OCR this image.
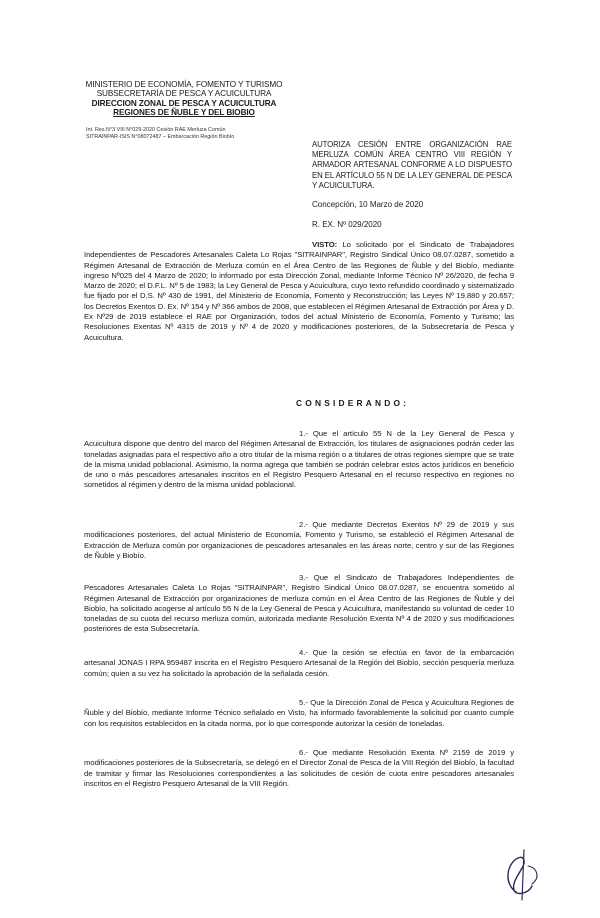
MINISTERIO DE ECONOMÍA, FOMENTO Y TURISMO
SUBSECRETARÍA DE PESCA Y ACUICULTURA
DIRECCION ZONAL DE PESCA Y ACUICULTURA
REGIONES DE ÑUBLE Y DEL BIOBIO
Int. Res.N°3 VIII N°029-2020 Cesión RAE Merluza Común
SITRAINPAR-ISIS N°08072487 – Embarcación Región Biobío
AUTORIZA CESIÓN ENTRE ORGANIZACIÓN RAE MERLUZA COMÚN ÁREA CENTRO VIII REGIÓN Y ARMADOR ARTESANAL CONFORME A LO DISPUESTO EN EL ARTÍCULO 55 N DE LA LEY GENERAL DE PESCA Y ACUICULTURA.
Concepción, 10 Marzo de 2020
R. EX. Nº 029/2020
VISTO: Lo solicitado por el Sindicato de Trabajadores Independientes de Pescadores Artesanales Caleta Lo Rojas "SITRAINPAR", Registro Sindical Único 08.07.0287, sometido a Régimen Artesanal de Extracción de Merluza común en el Área Centro de las Regiones de Ñuble y del Biobío, mediante ingreso Nº025 del 4 Marzo de 2020; lo informado por esta Dirección Zonal, mediante Informe Técnico Nº 26/2020, de fecha 9 Marzo de 2020; el D.F.L. Nº 5 de 1983; la Ley General de Pesca y Acuicultura, cuyo texto refundido coordinado y sistematizado fue fijado por el D.S. Nº 430 de 1991, del Ministerio de Economía, Fomento y Reconstrucción; las Leyes Nº 19.880 y 20.657; los Decretos Exentos D. Ex. Nº 154 y Nº 366 ambos de 2008, que establecen el Régimen Artesanal de Extracción por Área y D. Ex Nº29 de 2019 establece el RAE por Organización, todos del actual Ministerio de Economía, Fomento y Turismo; las Resoluciones Exentas Nº 4315 de 2019 y Nº 4 de 2020 y modificaciones posteriores, de la Subsecretaría de Pesca y Acuicultura.
CONSIDERANDO:
1.- Que el artículo 55 N de la Ley General de Pesca y Acuicultura dispone que dentro del marco del Régimen Artesanal de Extracción, los titulares de asignaciones podrán ceder las toneladas asignadas para el respectivo año a otro titular de la misma región o a titulares de otras regiones siempre que se trate de la misma unidad poblacional. Asimismo, la norma agrega que también se podrán celebrar estos actos jurídicos en beneficio de uno o más pescadores artesanales inscritos en el Registro Pesquero Artesanal en el recurso respectivo en regiones no sometidos al régimen y dentro de la misma unidad poblacional.
2.- Que mediante Decretos Exentos Nº 29 de 2019 y sus modificaciones posteriores, del actual Ministerio de Economía, Fomento y Turismo, se estableció el Régimen Artesanal de Extracción de Merluza común por organizaciones de pescadores artesanales en las áreas norte, centro y sur de las Regiones de Ñuble y Biobío.
3.- Que el Sindicato de Trabajadores Independientes de Pescadores Artesanales Caleta Lo Rojas "SITRAINPAR", Registro Sindical Único 08.07.0287, se encuentra sometido al Régimen Artesanal de Extracción por organizaciones de merluza común en el Área Centro de las Regiones de Ñuble y del Biobío, ha solicitado acogerse al artículo 55 N de la Ley General de Pesca y Acuicultura, manifestando su voluntad de ceder 10 toneladas de su cuota del recurso merluza común, autorizada mediante Resolución Exenta Nº 4 de 2020 y sus modificaciones posteriores de esta Subsecretaría.
4.- Que la cesión se efectúa en favor de la embarcación artesanal JONAS I RPA 959487 inscrita en el Registro Pesquero Artesanal de la Región del Biobío, sección pesquería merluza común; quien a su vez ha solicitado la aprobación de la señalada cesión.
5.- Que la Dirección Zonal de Pesca y Acuicultura Regiones de Ñuble y del Biobío, mediante Informe Técnico señalado en Visto, ha informado favorablemente la solicitud por cuanto cumple con los requisitos establecidos en la citada norma, por lo que corresponde autorizar la cesión de toneladas.
6.- Que mediante Resolución Exenta Nº 2159 de 2019 y modificaciones posteriores de la Subsecretaría, se delegó en el Director Zonal de Pesca de la VIII Región del Biobío, la facultad de tramitar y firmar las Resoluciones correspondientes a las solicitudes de cesión de cuota entre pescadores artesanales inscritos en el Registro Pesquero Artesanal de la VIII Región.
